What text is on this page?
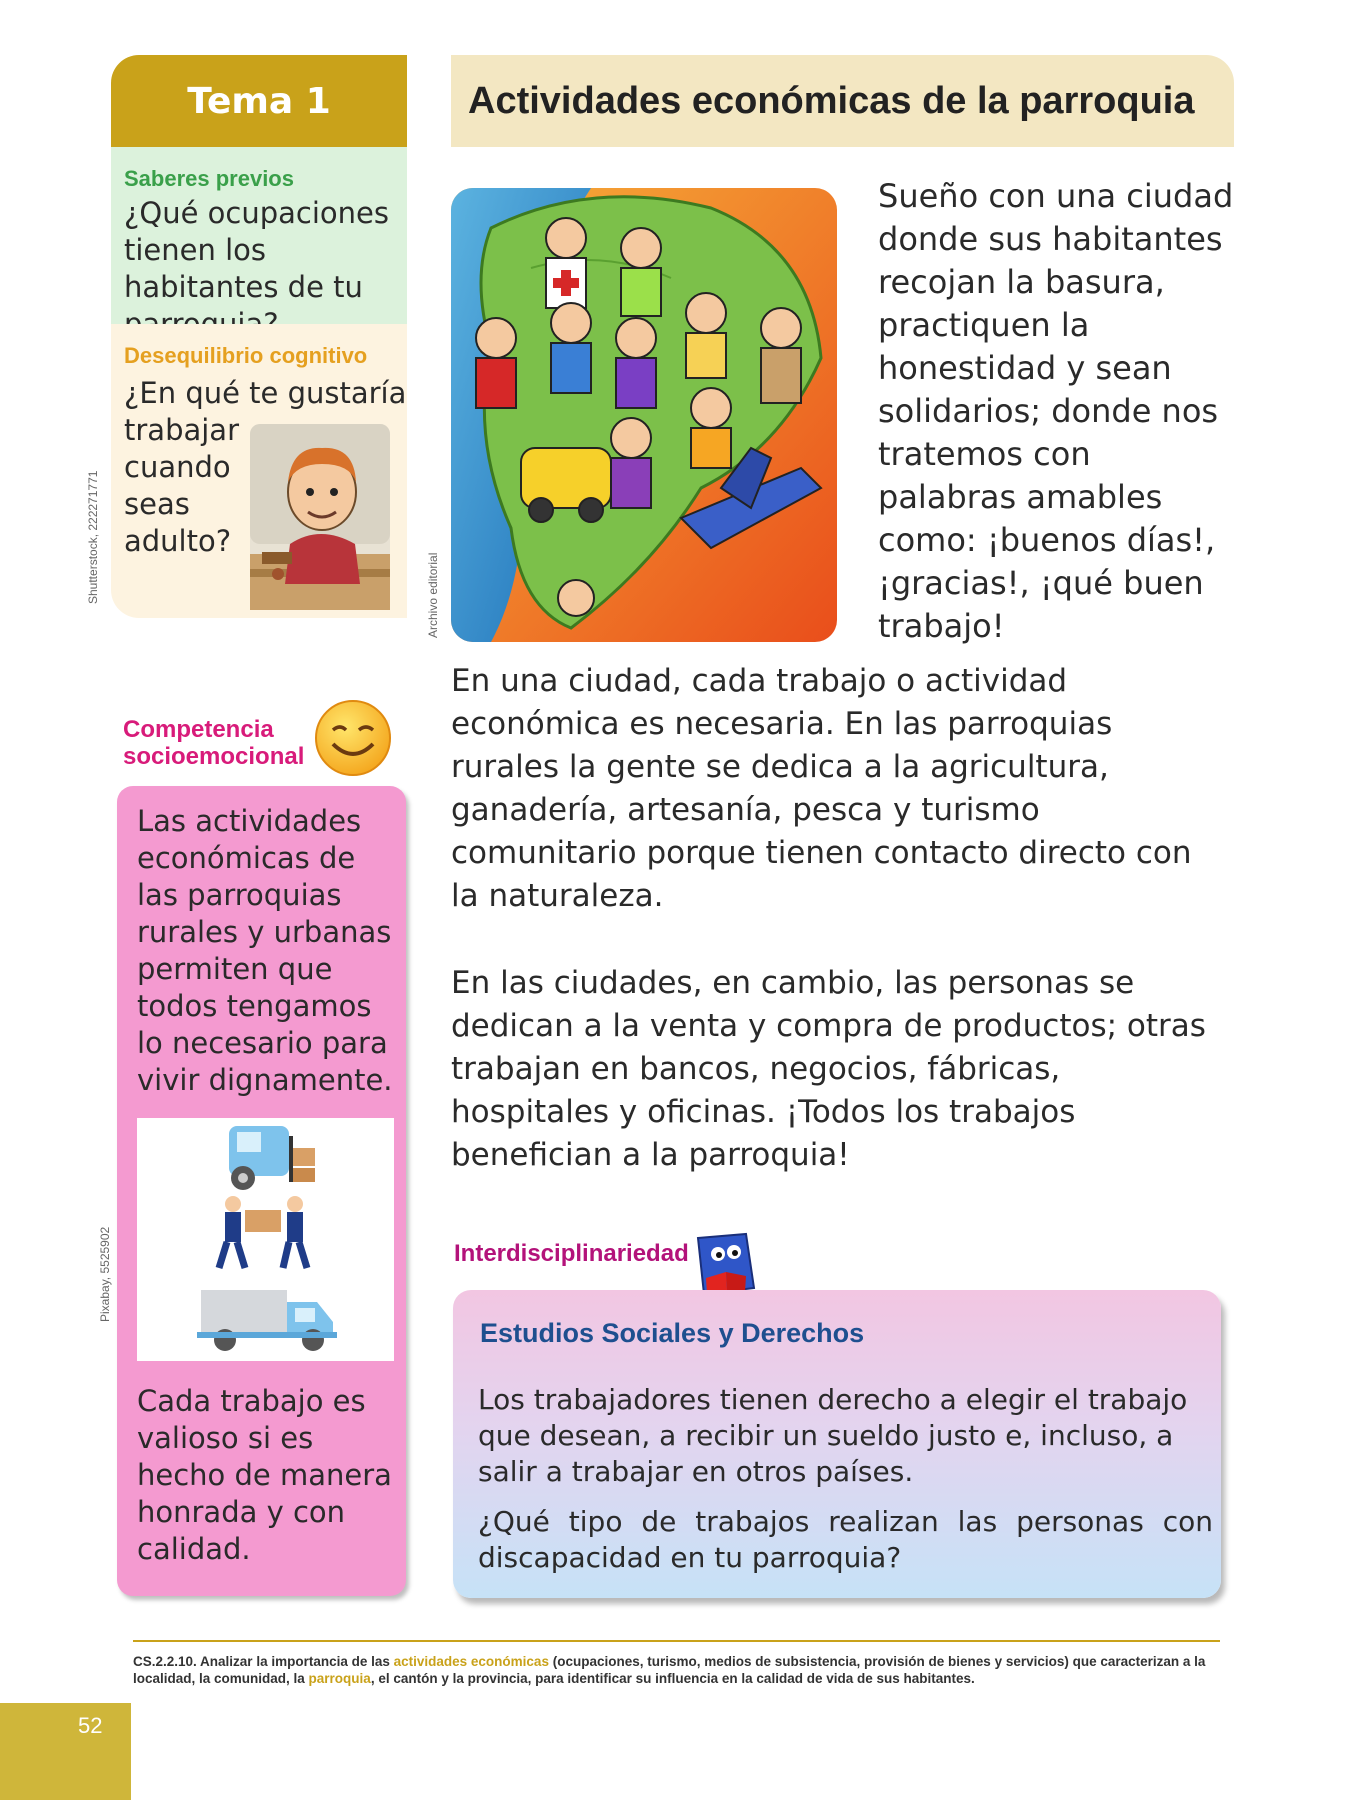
Tema 1
Saberes previos
¿Qué ocupaciones tienen los habitantes de tu
Desequilibrio cognitivo
¿En qué te gustaría
trabajar
cuando
seas
adulto?
Shutterstock, 222271771
Actividades económicas de la parroquia
Archivo editorial
Sueño con una ciudad donde sus habitantes recojan la basura, practiquen la honestidad y sean solidarios; donde nos tratemos con palabras amables como: ¡buenos días!, ¡gracias!, ¡qué buen trabajo!
En una ciudad, cada trabajo o actividad económica es necesaria. En las parroquias rurales la gente se dedica a la agricultura, ganadería, artesanía, pesca y turismo comunitario porque tienen contacto directo con la naturaleza.
En las ciudades, en cambio, las personas se dedican a la venta y compra de productos; otras trabajan en bancos, negocios, fábricas, hospitales y oficinas. ¡Todos los trabajos benefician a la parroquia!
Competencia
socioemocional
Las actividades económicas de las parroquias rurales y urbanas permiten que todos tengamos lo necesario para vivir dignamente.
Pixabay, 5525902
Cada trabajo es valioso si es hecho de manera honrada y con calidad.
Interdisciplinariedad
Estudios Sociales y Derechos
Los trabajadores tienen derecho a elegir el trabajo que desean, a recibir un sueldo justo e, incluso, a salir a trabajar en otros países.
¿Qué tipo de trabajos realizan las personas con discapacidad en tu parroquia?
CS.2.2.10. Analizar la importancia de las actividades económicas (ocupaciones, turismo, medios de subsistencia, provisión de bienes y servicios) que caracterizan a la localidad, la comunidad, la parroquia, el cantón y la provincia, para identificar su influencia en la calidad de vida de sus habitantes.
52
